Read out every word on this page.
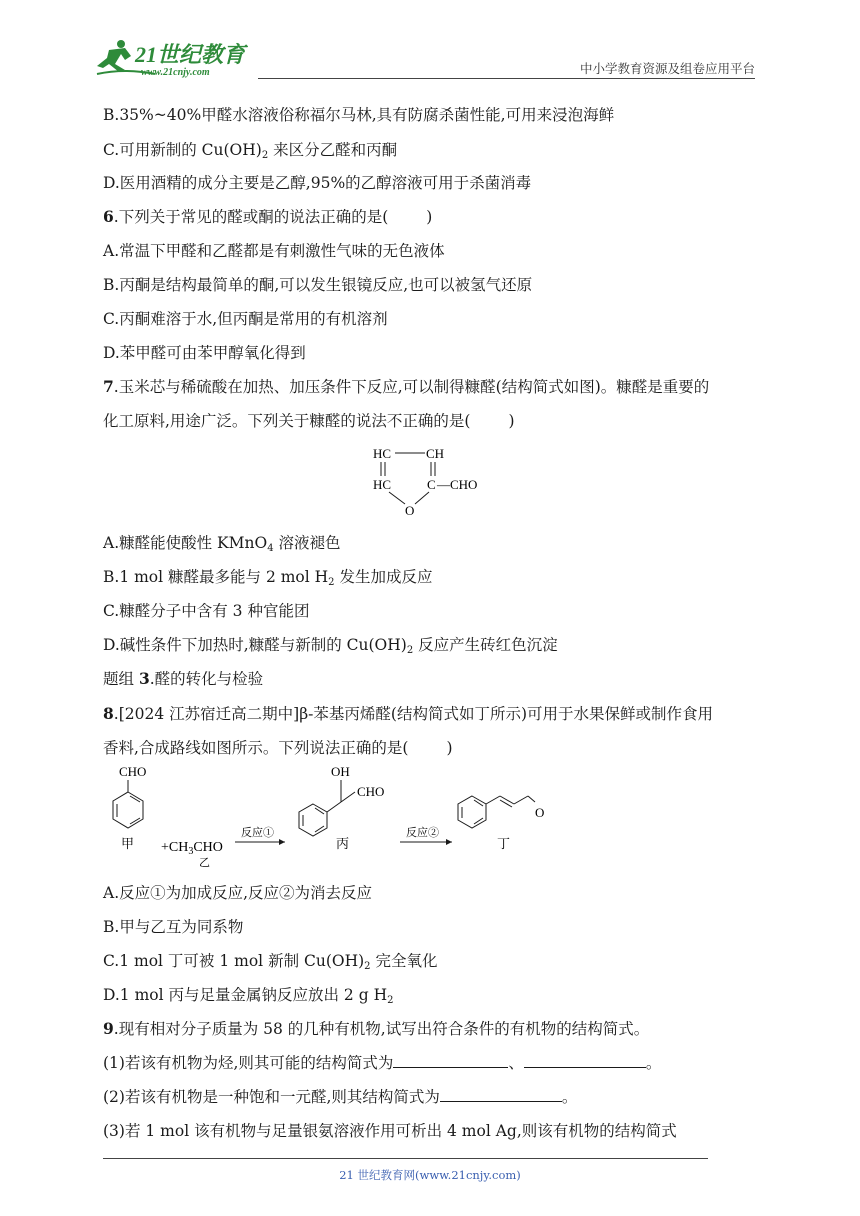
21世纪教育
www.21cnjy.com	中小学教育资源及组卷应用平台
B.35%~40%甲醛水溶液俗称福尔马林,具有防腐杀菌性能,可用来浸泡海鲜
C.可用新制的 $Cu(OH)_2$ 来区分乙醛和丙酮
D.医用酒精的成分主要是乙醇,95%的乙醇溶液可用于杀菌消毒
6.下列关于常见的醛或酮的说法正确的是( )
A.常温下甲醛和乙醛都是有刺激性气味的无色液体
B.丙酮是结构最简单的酮,可以发生银镜反应,也可以被氢气还原
C.丙酮难溶于水,但丙酮是常用的有机溶剂
D.苯甲醛可由苯甲醇氧化得到
7.玉米芯与稀硫酸在加热、加压条件下反应,可以制得糠醛(结构简式如图)。糠醛是重要的
化工原料,用途广泛。下列关于糠醛的说法不正确的是( )
HC	CH
HC	C —CHO
O
A.糠醛能使酸性 KMnO$_4$ 溶液褪色
B.1 mol 糠醛最多能与 2 mol $H_2$ 发生加成反应
C.糠醛分子中含有 3 种官能团
D.碱性条件下加热时,糠醛与新制的 $Cu(OH)_2$ 反应产生砖红色沉淀
题组 3.醛的转化与检验
8.[2024 江苏宿迁高二期中]β-苯基丙烯醛(结构简式如丁所示)可用于水果保鲜或制作食用
香料,合成路线如图所示。下列说法正确的是( )
CHO
甲 $+CH_3CHO$
乙
反应①
OH
CHO
丙
反应②
O
丁
A.反应①为加成反应,反应②为消去反应
B.甲与乙互为同系物
C.1 mol 丁可被 1 mol 新制 $Cu(OH)_2$ 完全氧化
D.1 mol 丙与足量金属钠反应放出 2 g $H_2$
9.现有相对分子质量为 58 的几种有机物,试写出符合条件的有机物的结构简式。
(1)若该有机物为烃,则其可能的结构简式为	、	。
(2)若该有机物是一种饱和一元醛,则其结构简式为	。
(3)若 1 mol 该有机物与足量银氨溶液作用可析出 4 mol Ag,则该有机物的结构简式
21 世纪教育网(www.21cnjy.com)
